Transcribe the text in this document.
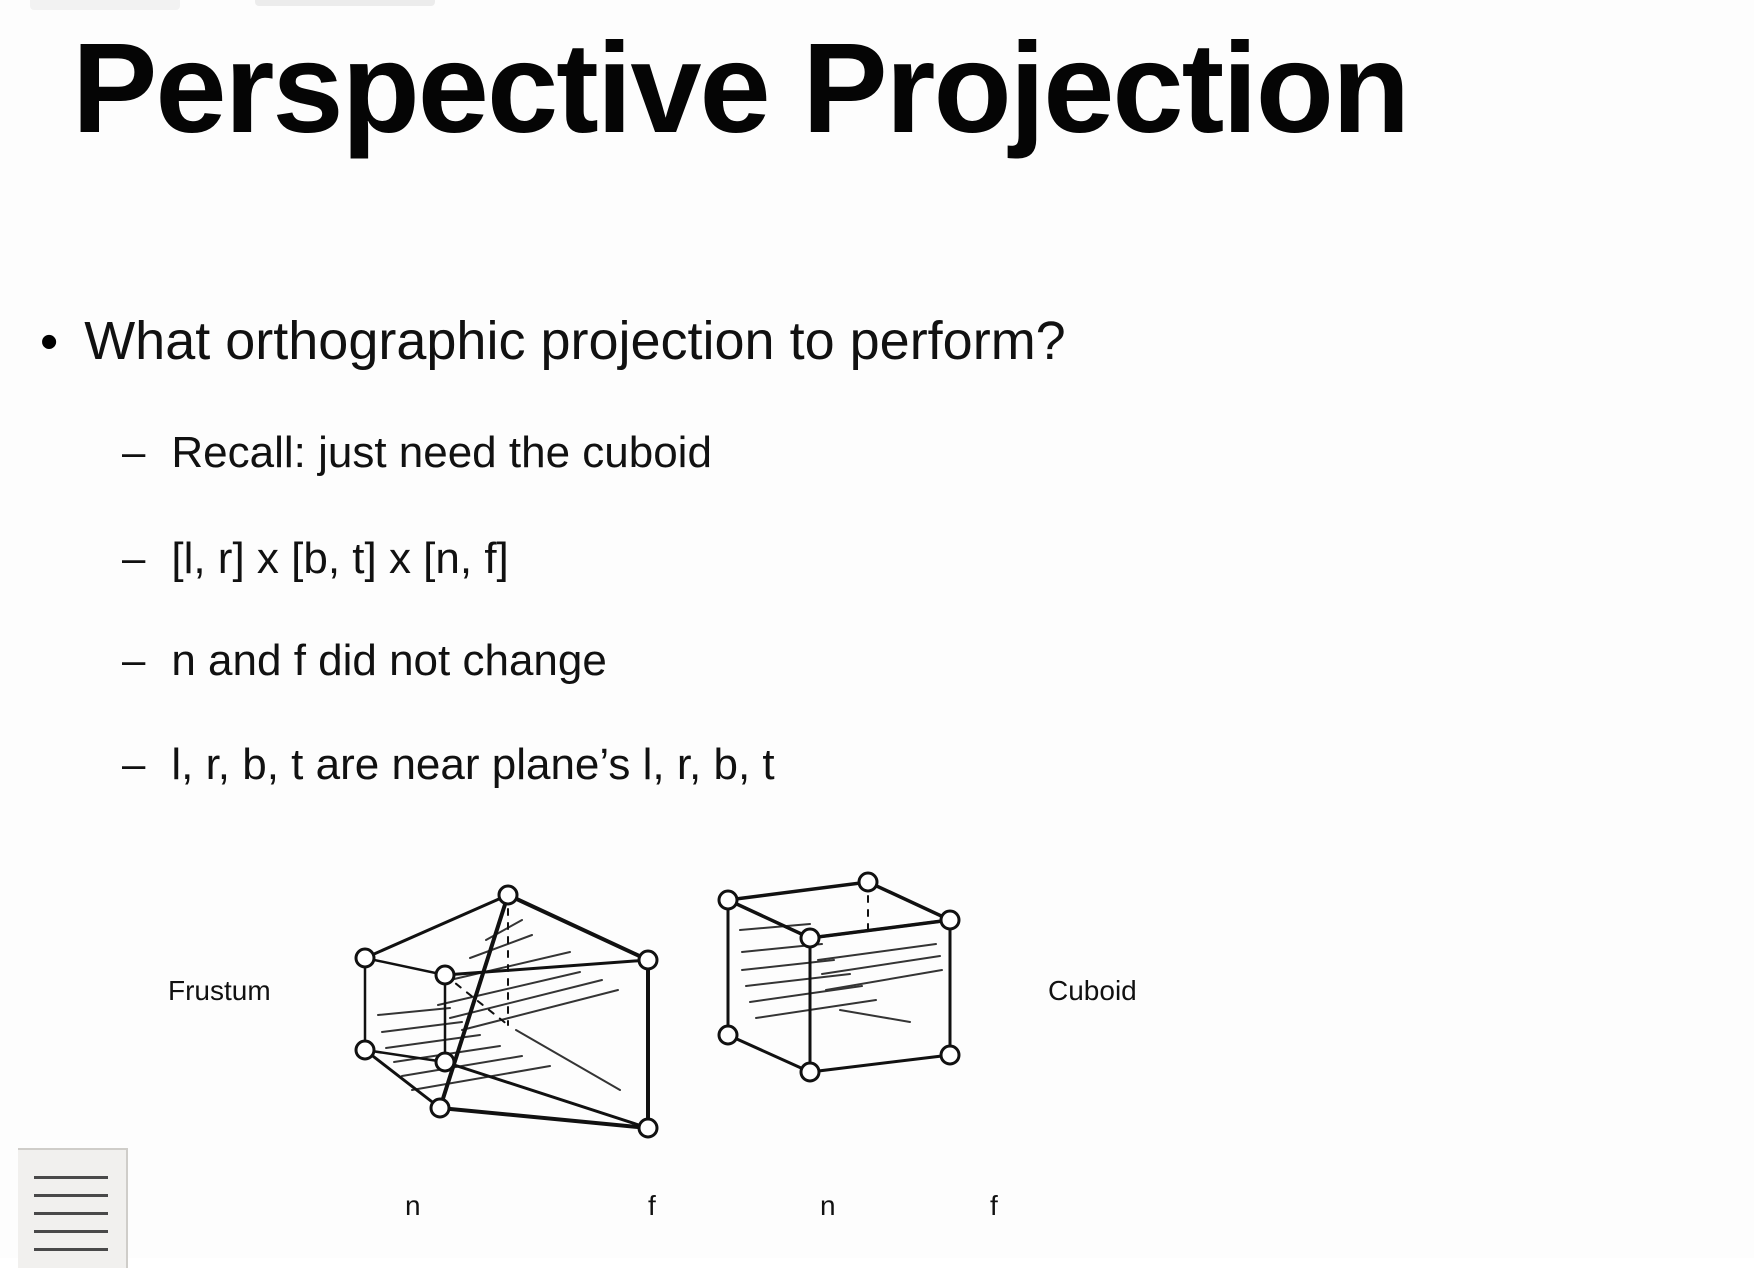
Perspective Projection
• What orthographic projection to perform?
– Recall: just need the cuboid
– [l, r] x [b, t] x [n, f]
– n and f did not change
– l, r, b, t are near plane’s l, r, b, t
Frustum	Cuboid
n	f	n	f
